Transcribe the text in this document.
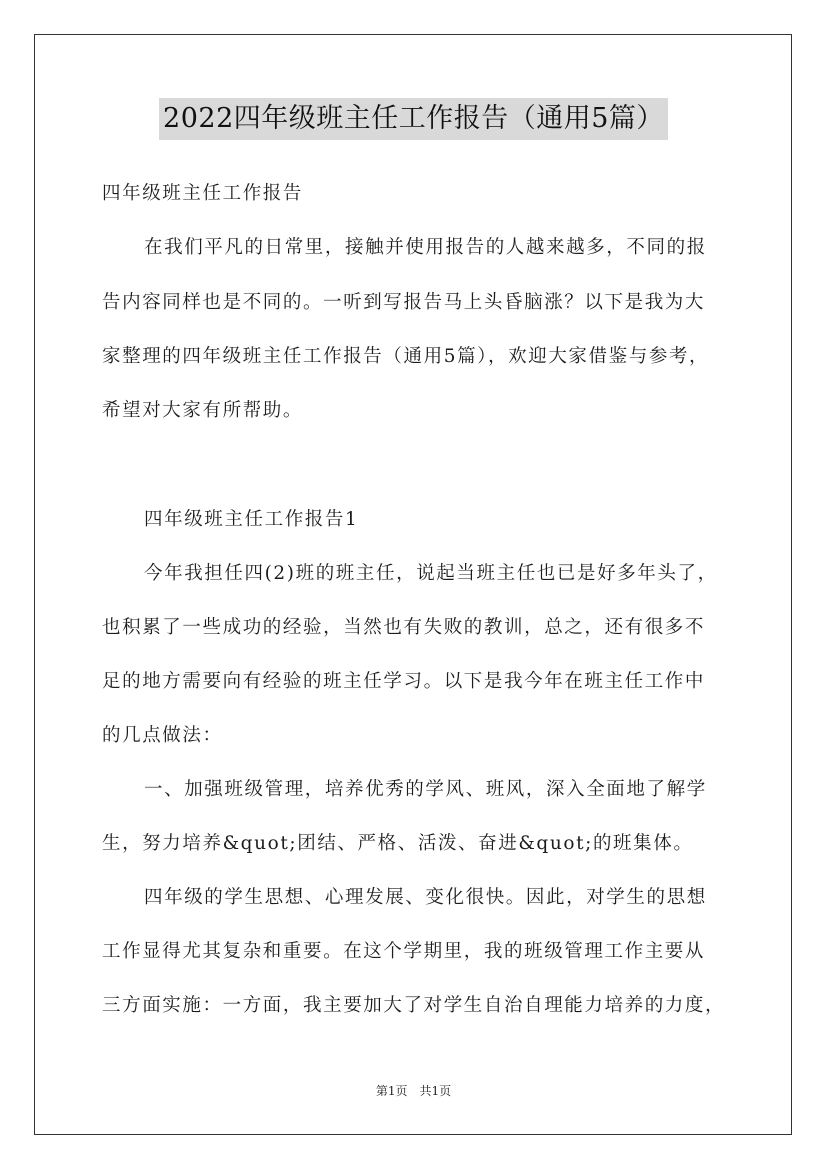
2022四年级班主任工作报告（通用5篇）
四年级班主任工作报告
在我们平凡的日常里，接触并使用报告的人越来越多，不同的报
告内容同样也是不同的。一听到写报告马上头昏脑涨？以下是我为大
家整理的四年级班主任工作报告（通用5篇），欢迎大家借鉴与参考，
希望对大家有所帮助。
四年级班主任工作报告1
今年我担任四(2)班的班主任，说起当班主任也已是好多年头了，
也积累了一些成功的经验，当然也有失败的教训，总之，还有很多不
足的地方需要向有经验的班主任学习。以下是我今年在班主任工作中
的几点做法：
一、加强班级管理，培养优秀的学风、班风，深入全面地了解学
生，努力培养&quot;团结、严格、活泼、奋进&quot;的班集体。
四年级的学生思想、心理发展、变化很快。因此，对学生的思想
工作显得尤其复杂和重要。在这个学期里，我的班级管理工作主要从
三方面实施：一方面，我主要加大了对学生自治自理能力培养的力度，
第1页　共1页
